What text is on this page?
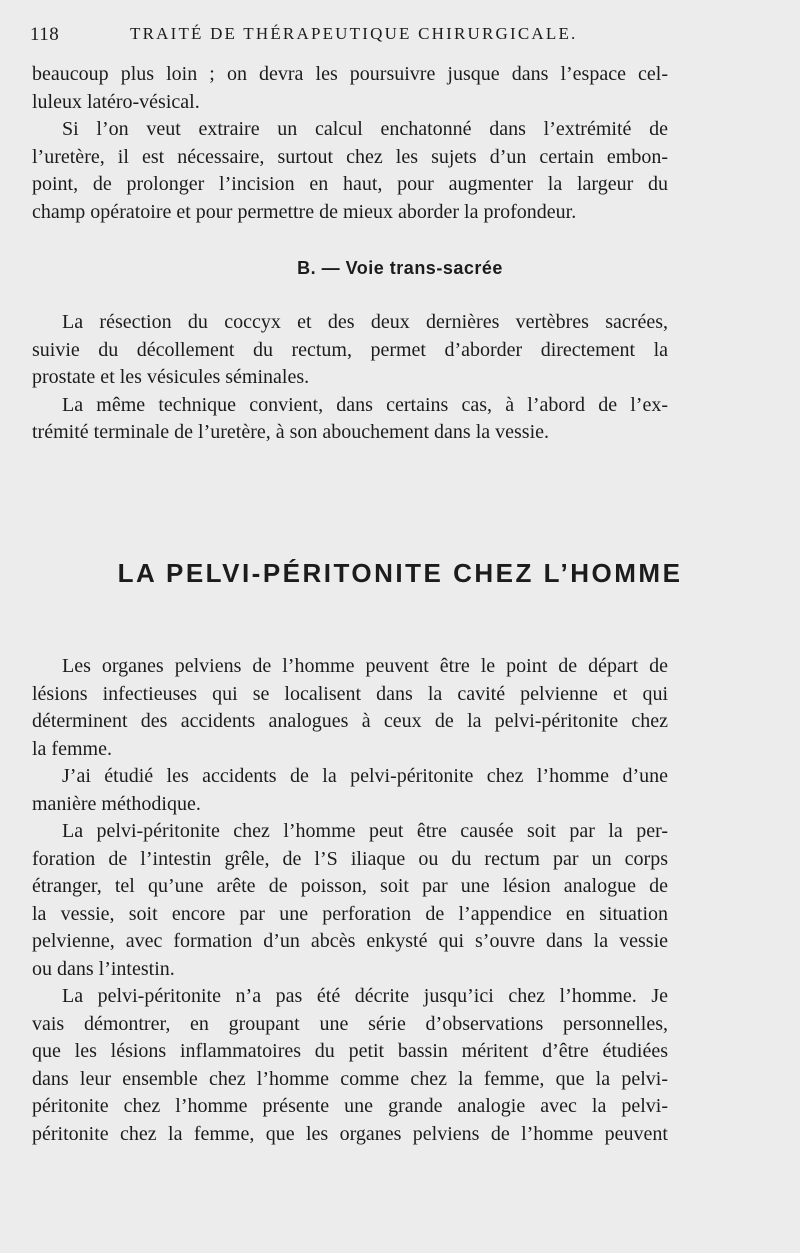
118	TRAITÉ DE THÉRAPEUTIQUE CHIRURGICALE.
beaucoup plus loin ; on devra les poursuivre jusque dans l’espace cel-
luleux latéro-vésical.
Si l’on veut extraire un calcul enchatonné dans l’extrémité de
l’uretère, il est nécessaire, surtout chez les sujets d’un certain embon-
point, de prolonger l’incision en haut, pour augmenter la largeur du
champ opératoire et pour permettre de mieux aborder la profondeur.
B. — Voie trans-sacrée
La résection du coccyx et des deux dernières vertèbres sacrées,
suivie du décollement du rectum, permet d’aborder directement la
prostate et les vésicules séminales.
La même technique convient, dans certains cas, à l’abord de l’ex-
trémité terminale de l’uretère, à son abouchement dans la vessie.
LA PELVI-PÉRITONITE CHEZ L’HOMME
Les organes pelviens de l’homme peuvent être le point de départ de
lésions infectieuses qui se localisent dans la cavité pelvienne et qui
déterminent des accidents analogues à ceux de la pelvi-péritonite chez
la femme.
J’ai étudié les accidents de la pelvi-péritonite chez l’homme d’une
manière méthodique.
La pelvi-péritonite chez l’homme peut être causée soit par la per-
foration de l’intestin grêle, de l’S iliaque ou du rectum par un corps
étranger, tel qu’une arête de poisson, soit par une lésion analogue de
la vessie, soit encore par une perforation de l’appendice en situation
pelvienne, avec formation d’un abcès enkysté qui s’ouvre dans la vessie
ou dans l’intestin.
La pelvi-péritonite n’a pas été décrite jusqu’ici chez l’homme. Je
vais démontrer, en groupant une série d’observations personnelles,
que les lésions inflammatoires du petit bassin méritent d’être étudiées
dans leur ensemble chez l’homme comme chez la femme, que la pelvi-
péritonite chez l’homme présente une grande analogie avec la pelvi-
péritonite chez la femme, que les organes pelviens de l’homme peuvent
